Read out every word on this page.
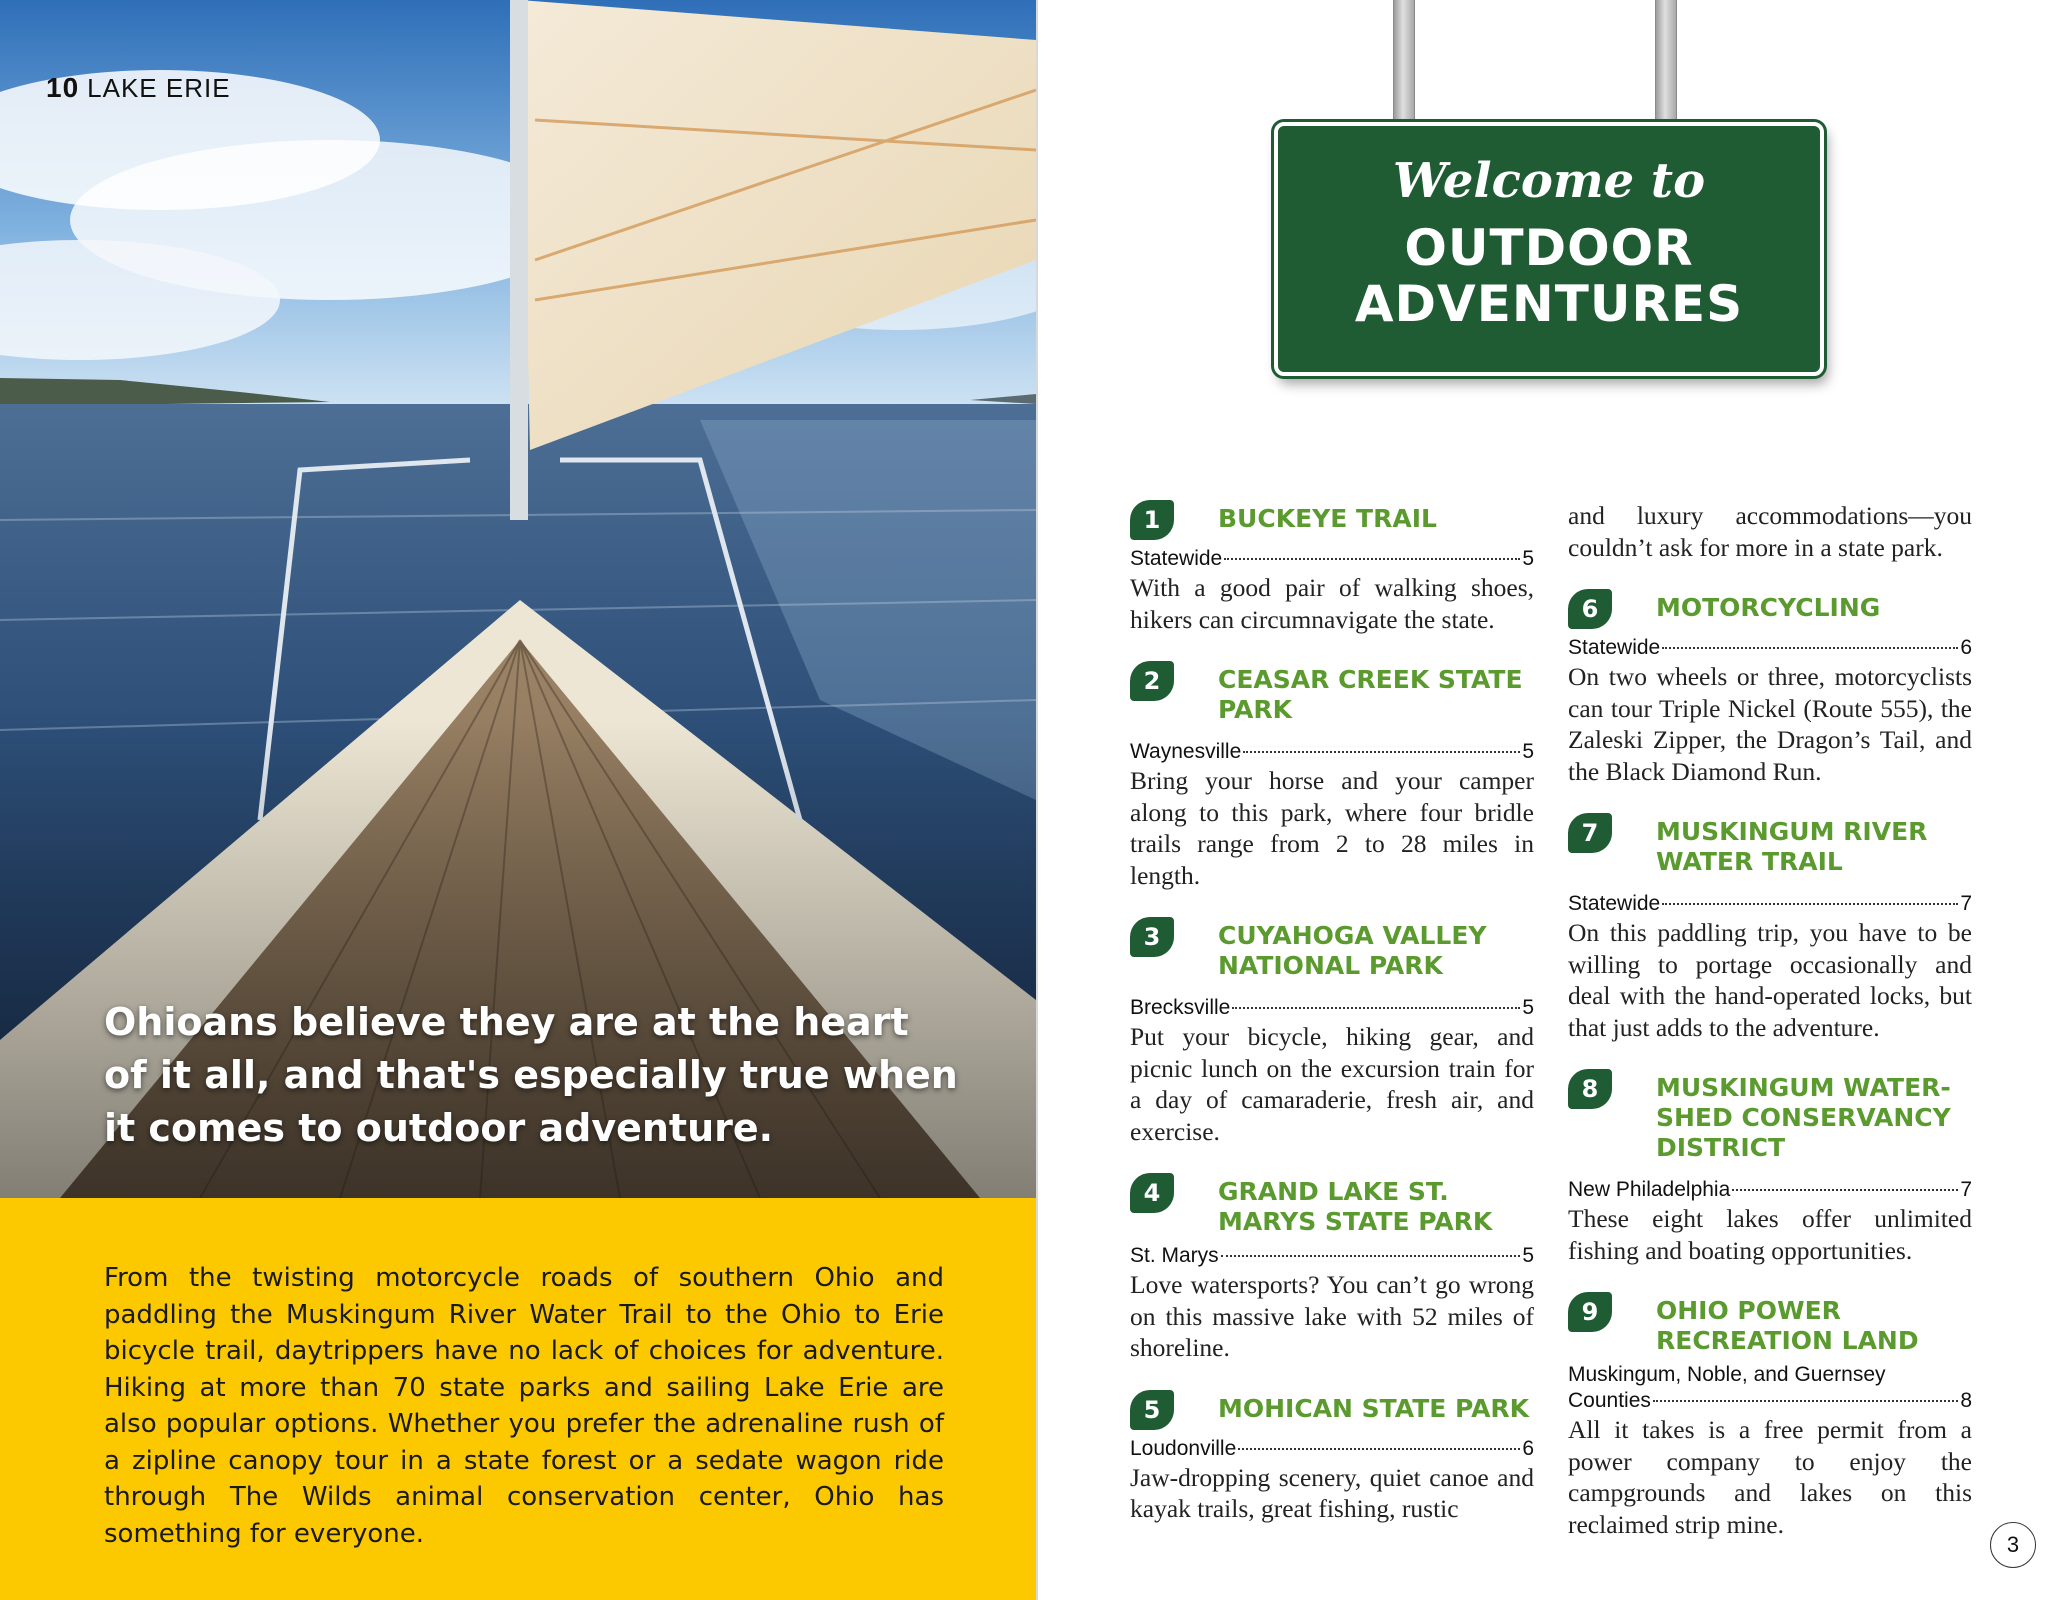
10 LAKE ERIE
Ohioans believe they are at the heart of it all, and that's especially true when it comes to outdoor adventure.

From the twisting motorcycle roads of southern Ohio and paddling the Muskingum River Water Trail to the Ohio to Erie bicycle trail, daytrippers have no lack of choices for adventure. Hiking at more than 70 state parks and sailing Lake Erie are also popular options. Whether you prefer the adrenaline rush of a zipline canopy tour in a state forest or a sedate wagon ride through The Wilds animal conservation center, Ohio has something for everyone.

Welcome to
OUTDOOR
ADVENTURES
1	BUCKEYE TRAIL
Statewide	5

With a good pair of walking shoes, hikers can circumnavigate the state.

2	CEASAR CREEK STATE PARK
Waynesville	5

Bring your horse and your camper along to this park, where four bridle trails range from 2 to 28 miles in length.

3	CUYAHOGA VALLEY NATIONAL PARK
Brecksville	5

Put your bicycle, hiking gear, and picnic lunch on the excursion train for a day of camaraderie, fresh air, and exercise.

4	GRAND LAKE ST. MARYS STATE PARK
St. Marys	5

Love watersports? You can’t go wrong on this massive lake with 52 miles of shoreline.

5	MOHICAN STATE PARK
Loudonville	6

Jaw-dropping scenery, quiet canoe and kayak trails, great fishing, rustic

and luxury accommodations—you couldn’t ask for more in a state park.

6	MOTORCYCLING
Statewide	6

On two wheels or three, motorcyclists can tour Triple Nickel (Route 555), the Zaleski Zipper, the Dragon’s Tail, and the Black Diamond Run.

7	MUSKINGUM RIVER WATER TRAIL
Statewide	7

On this paddling trip, you have to be willing to portage occasionally and deal with the hand-operated locks, but that just adds to the adventure.

8	MUSKINGUM WATER-SHED CONSERVANCY DISTRICT
New Philadelphia	7

These eight lakes offer unlimited fishing and boating opportunities.

9	OHIO POWER RECREATION LAND
Muskingum, Noble, and Guernsey
Counties	8

All it takes is a free permit from a power company to enjoy the campgrounds and lakes on this reclaimed strip mine.

3
